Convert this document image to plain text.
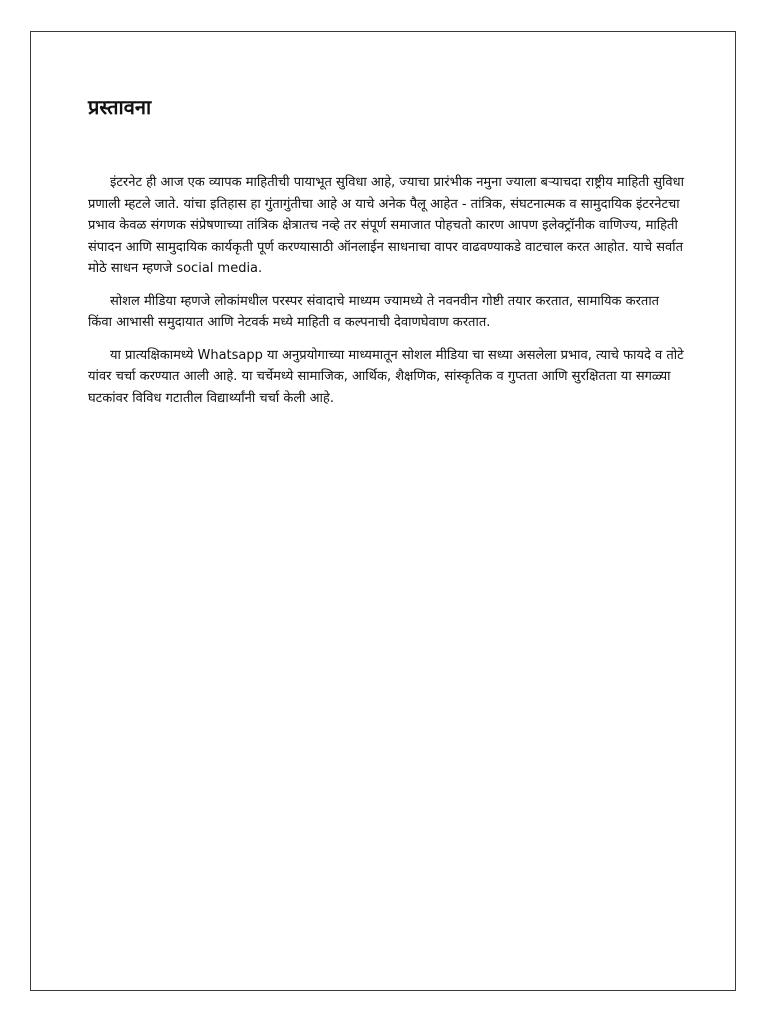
प्रस्तावना

इंटरनेट ही आज एक व्यापक माहितीची पायाभूत सुविधा आहे, ज्याचा प्रारंभीक नमुना ज्याला बऱ्याचदा राष्ट्रीय माहिती सुविधा प्रणाली म्हटले जाते. यांचा इतिहास हा गुंतागुंतीचा आहे अ याचे अनेक पैलू आहेत - तांत्रिक, संघटनात्मक व सामुदायिक इंटरनेटचा प्रभाव केवळ संगणक संप्रेषणाच्या तांत्रिक क्षेत्रातच नव्हे तर संपूर्ण समाजात पोहचतो कारण आपण इलेक्ट्रॉनीक वाणिज्य, माहिती संपादन आणि सामुदायिक कार्यकृती पूर्ण करण्यासाठी ऑनलाईन साधनाचा वापर वाढवण्याकडे वाटचाल करत आहोत. याचे सर्वात मोठे साधन म्हणजे social media.

सोशल मीडिया म्हणजे लोकांमधील परस्पर संवादाचे माध्यम ज्यामध्ये ते नवनवीन गोष्टी तयार करतात, सामायिक करतात किंवा आभासी समुदायात आणि नेटवर्क मध्ये माहिती व कल्पनाची देवाणघेवाण करतात.

या प्रात्यक्षिकामध्ये Whatsapp या अनुप्रयोगाच्या माध्यमातून सोशल मीडिया चा सध्या असलेला प्रभाव, त्याचे फायदे व तोटे यांवर चर्चा करण्यात आली आहे. या चर्चेमध्ये सामाजिक, आर्थिक, शैक्षणिक, सांस्कृतिक व गुप्तता आणि सुरक्षितता या सगळ्या घटकांवर विविध गटातील विद्यार्थ्यांनी चर्चा केली आहे.
